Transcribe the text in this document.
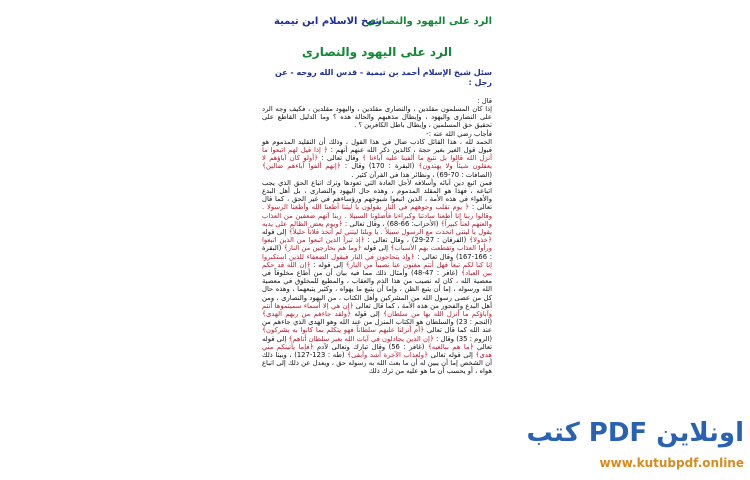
الرد على اليهود والنصارى
شيخ الاسلام ابن تيمية
الرد على اليهود والنصارى
سئل شيخ الإسلام أحمد بن تيمية - قدس الله روحه - عن رجل :

قال :

إذا كان المسلمون مقلدين ، والنصارى مقلدين ، واليهود مقلدين ، فكيف وجه الرد على النصارى واليهود ، وإبطال مذهبهم والحالة هذه ؟ وما الدليل القاطع على تحقيق حق المسلمين ، وإبطال باطل الكافرين ؟ .

فأجاب رضي الله عنه :-

الحمد لله ، هذا القائل كاذب ضال في هذا القول ، وذلك أن التقليد المذموم هو قبول قول الغير بغير حجة ، كالذين ذكر الله عنهم أنهم : ﴿ إذا قيل لهم اتبعوا ما أنزل الله قالوا بل نتبع ما ألفينا عليه آباءنا ﴾ وقال تعالى : ﴿أولو كان آباؤهم لا يعقلون شيئاً ولا يهتدون﴾ (البقرة : 170) وقال : ﴿إنهم ألفوا آباءهم ضالين﴾ (الصافات : 70-69) ، ونظائر هذا في القرآن كثير .

فمن اتبع دين آبائه وأسلافه لأجل العادة التي تعودها وترك اتباع الحق الذي يجب اتباعه ، فهذا هو المقلد المذموم ، وهذه حال اليهود والنصارى ، بل أهل البدع والأهواء في هذه الأمة ، الذين اتبعوا شيوخهم ورؤساءهم في غير الحق ، كما قال تعالى : ﴿ يوم تقلب وجوههم في النار يقولون يا ليتنا أطعنا الله وأطعنا الرسولا . وقالوا ربنا إنا أطعنا سادتنا وكبراءنا فأضلونا السبيلا . ربنا آتهم ضعفين من العذاب والعنهم لعناً كبيراً﴾ (الأحزاب: 66-68) ، وقال تعالى : ﴿ويوم يعض الظالم على يديه يقول يا ليتني اتخذت مع الرسول سبيلاً . يا ويلتا ليتني لم أتخذ فلاناً خليلاً﴾ إلى قوله ﴿خذولا﴾ (الفرقان : 27-29) ، وقال تعالى : ﴿إذ تبرأ الذين اتبعوا من الذين اتبعوا ورأوا العذاب وتقطعت بهم الأسباب﴾ إلى قوله ﴿وما هم بخارجين من النار﴾ (البقرة : 166-167) وقال تعالى : ﴿وإذ يتحاجون في النار فيقول الضعفاء للذين استكبروا إنا كنا لكم تبعاً فهل أنتم مغنون عنا نصيباً من النار﴾ إلى قوله : ﴿إن الله قد حكم بين العباد﴾ (غافر : 47-48) وأمثال ذلك مما فيه بيان أن من أطاع مخلوقاً في معصية الله ، كان له نصيب من هذا الذم والعقاب ، والمطيع للمخلوق في معصية الله ورسوله ، إما أن يتبع الظن ، وإما أن يتبع ما يهواه ، وكثير يتبعهما ، وهذه حال كل من عصى رسول الله من المشركين وأهل الكتاب ، من اليهود والنصارى ، ومن أهل البدع والفجور من هذه الأمة ، كما قال تعالى ﴿إن هي إلا أسماء سميتموها أنتم وآباؤكم ما أنزل الله بها من سلطان﴾ إلى قوله ﴿ولقد جاءهم من ربهم الهدى﴾ (النجم : 23) والسلطان هو الكتاب المنزل من عند الله وهو الهدى الذي جاءهم من عند الله كما قال تعالى ﴿أم أنزلنا عليهم سلطاناً فهو يتكلم بما كانوا به يشركون﴾ (الروم : 35) وقال : ﴿إن الذين يجادلون في آيات الله بغير سلطان أتاهم﴾ إلى قوله تعالى ﴿ما هم ببالغيه﴾ (غافر : 56) وقال تبارك وتعالى لآدم ﴿فإما يأتينكم مني هدى﴾ إلى قوله تعالى ﴿ولعذاب الآخرة أشد وأبقى﴾ (طه : 123-127) ، وبينا ذلك أن الشخص إما أن يبين له أن ما بعث الله به رسوله حق ، ويعدل عن ذلك إلى اتباع هواه ، أو يحسب أن ما هو عليه من ترك ذلك

كتب PDF اونلاين
www.kutubpdf.online
